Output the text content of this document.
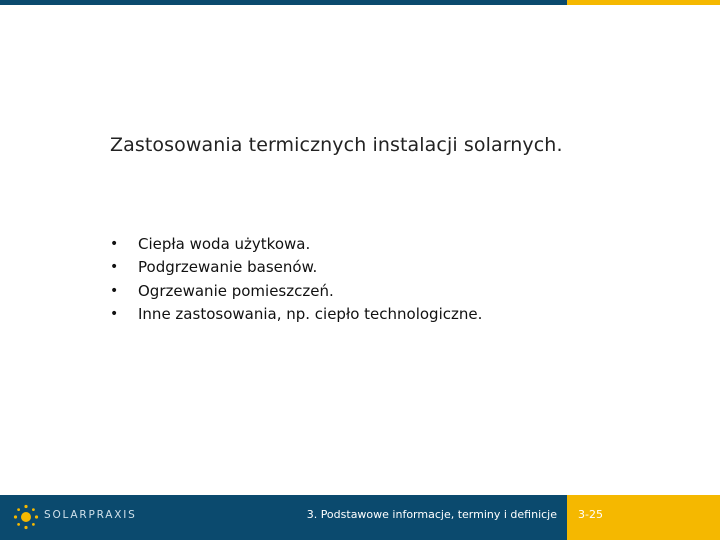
Zastosowania termicznych instalacji solarnych.
•	Ciepła woda użytkowa.
•	Podgrzewanie basenów.
•	Ogrzewanie pomieszczeń.
•	Inne zastosowania, np. ciepło technologiczne.
SOLARPRAXIS	3. Podstawowe informacje, terminy i definicje 3-25
